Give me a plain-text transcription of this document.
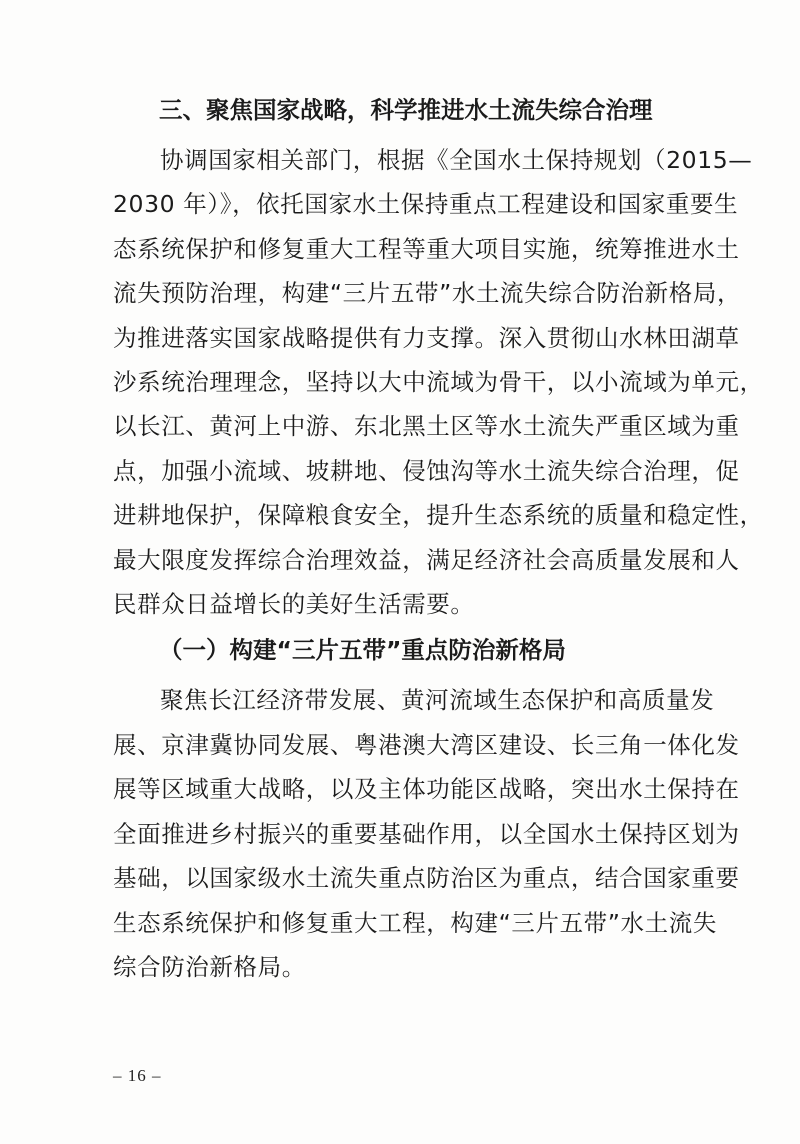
三、聚焦国家战略，科学推进水土流失综合治理
协调国家相关部门，根据《全国水土保持规划（2015—
2030 年）》，依托国家水土保持重点工程建设和国家重要生
态系统保护和修复重大工程等重大项目实施，统筹推进水土
流失预防治理，构建“三片五带”水土流失综合防治新格局，
为推进落实国家战略提供有力支撑。深入贯彻山水林田湖草
沙系统治理理念，坚持以大中流域为骨干，以小流域为单元，
以长江、黄河上中游、东北黑土区等水土流失严重区域为重
点，加强小流域、坡耕地、侵蚀沟等水土流失综合治理，促
进耕地保护，保障粮食安全，提升生态系统的质量和稳定性，
最大限度发挥综合治理效益，满足经济社会高质量发展和人
民群众日益增长的美好生活需要。
（一）构建“三片五带”重点防治新格局
聚焦长江经济带发展、黄河流域生态保护和高质量发
展、京津冀协同发展、粤港澳大湾区建设、长三角一体化发
展等区域重大战略，以及主体功能区战略，突出水土保持在
全面推进乡村振兴的重要基础作用，以全国水土保持区划为
基础，以国家级水土流失重点防治区为重点，结合国家重要
生态系统保护和修复重大工程，构建“三片五带”水土流失
综合防治新格局。
– 16 –
